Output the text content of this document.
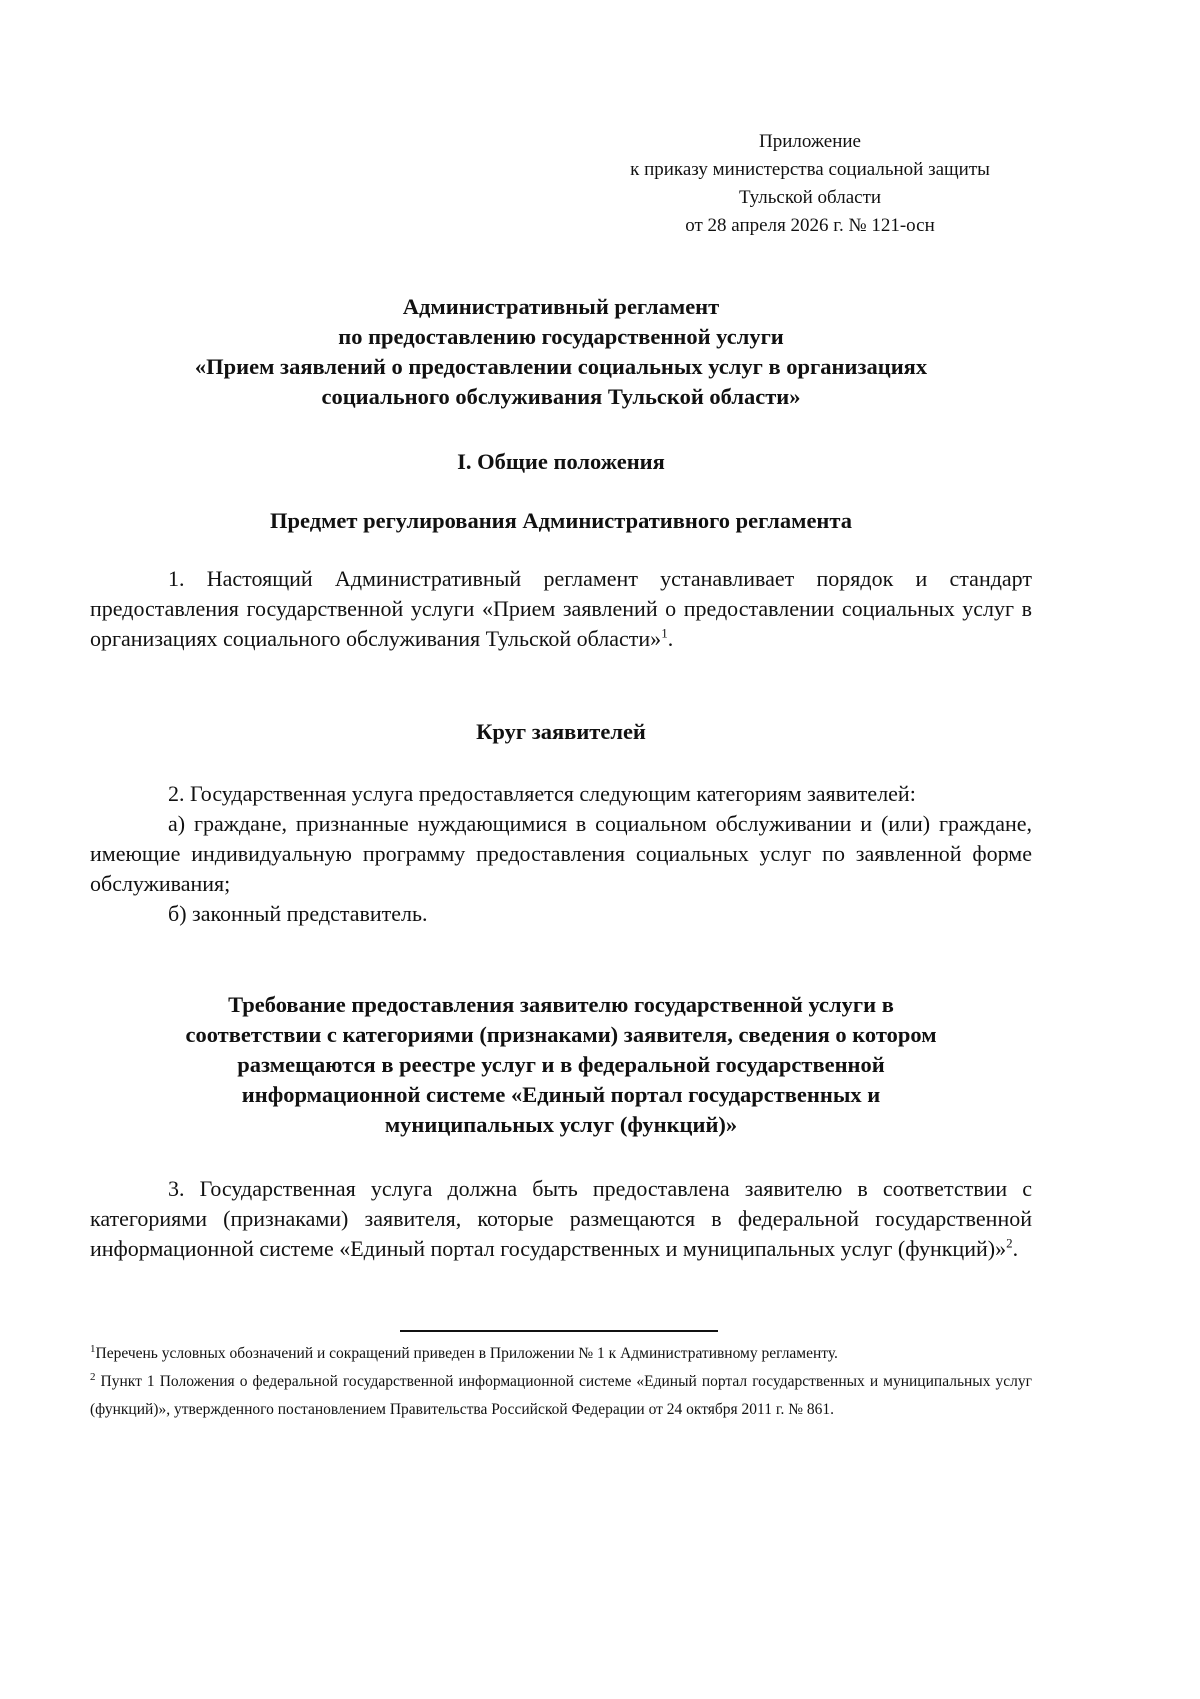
Приложение
к приказу министерства социальной защиты
Тульской области
от 28 апреля 2026 г. № 121-осн
Административный регламент
по предоставлению государственной услуги
«Прием заявлений о предоставлении социальных услуг в организациях
социального обслуживания Тульской области»
I. Общие положения
Предмет регулирования Административного регламента

1. Настоящий Административный регламент устанавливает порядок и стандарт предоставления государственной услуги «Прием заявлений о предоставлении социальных услуг в организациях социального обслуживания Тульской области»$^1$.

Круг заявителей

2. Государственная услуга предоставляется следующим категориям заявителей:

а) граждане, признанные нуждающимися в социальном обслуживании и (или) граждане, имеющие индивидуальную программу предоставления социальных услуг по заявленной форме обслуживания;

б) законный представитель.

Требование предоставления заявителю государственной услуги в
соответствии с категориями (признаками) заявителя, сведения о котором
размещаются в реестре услуг и в федеральной государственной
информационной системе «Единый портал государственных и
муниципальных услуг (функций)»

3. Государственная услуга должна быть предоставлена заявителю в соответствии с категориями (признаками) заявителя, которые размещаются в федеральной государственной информационной системе «Единый портал государственных и муниципальных услуг (функций)»$^2$.

$^1$Перечень условных обозначений и сокращений приведен в Приложении № 1 к Административному регламенту.

$^2$ Пункт 1 Положения о федеральной государственной информационной системе «Единый портал государственных и муниципальных услуг (функций)», утвержденного постановлением Правительства Российской Федерации от 24 октября 2011 г. № 861.
